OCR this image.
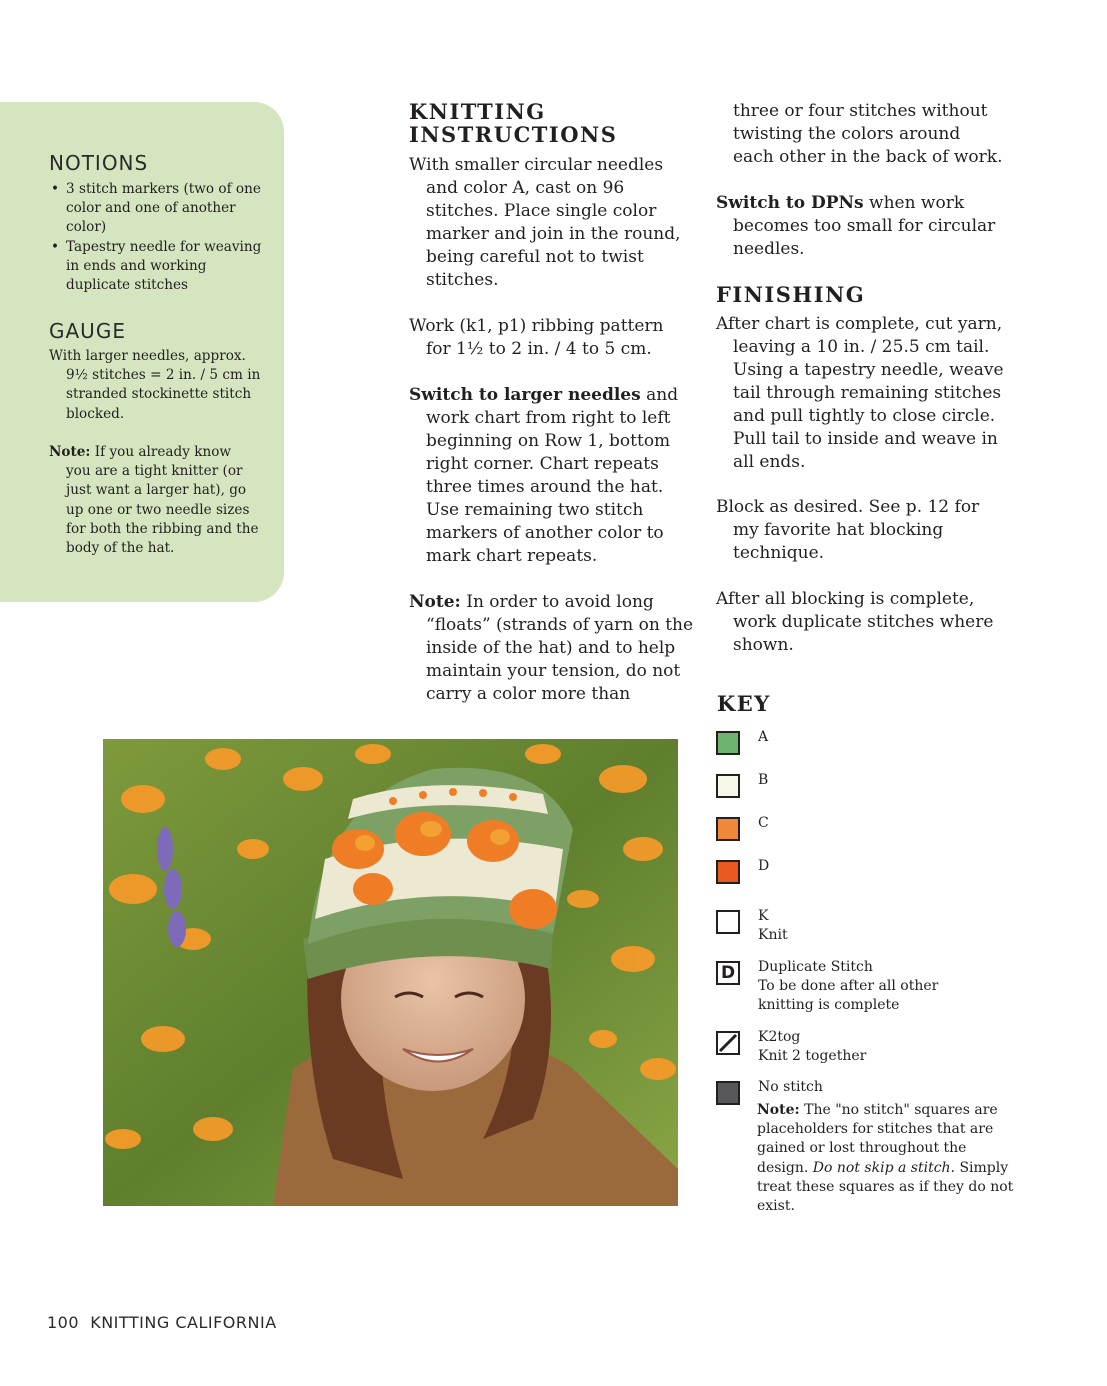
NOTIONS
• 3 stitch markers (two of one color and one of another color)
• Tapestry needle for weaving in ends and working duplicate stitches
GAUGE
With larger needles, approx. 9½ stitches = 2 in. / 5 cm in stranded stockinette stitch blocked.
Note: If you already know you are a tight knitter (or just want a larger hat), go up one or two needle sizes for both the ribbing and the body of the hat.
KNITTING
INSTRUCTIONS
With smaller circular needles and color A, cast on 96 stitches. Place single color marker and join in the round, being careful not to twist stitches.
Work (k1, p1) ribbing pattern for 1½ to 2 in. / 4 to 5 cm.
Switch to larger needles and work chart from right to left beginning on Row 1, bottom right corner. Chart repeats three times around the hat. Use remaining two stitch markers of another color to mark chart repeats.
Note: In order to avoid long “floats” (strands of yarn on the inside of the hat) and to help maintain your tension, do not carry a color more than
three or four stitches without twisting the colors around each other in the back of work.
Switch to DPNs when work becomes too small for circular needles.
FINISHING
After chart is complete, cut yarn, leaving a 10 in. / 25.5 cm tail. Using a tapestry needle, weave tail through remaining stitches and pull tightly to close circle. Pull tail to inside and weave in all ends.
Block as desired. See p. 12 for my favorite hat blocking technique.
After all blocking is complete, work duplicate stitches where shown.
KEY
A
B
C
D
K
Knit
D	Duplicate Stitch
To be done after all other knitting is complete
K2tog
Knit 2 together
No stitch
Note: The "no stitch" squares are placeholders for stitches that are gained or lost throughout the design. Do not skip a stitch. Simply treat these squares as if they do not exist.
100 KNITTING CALIFORNIA
